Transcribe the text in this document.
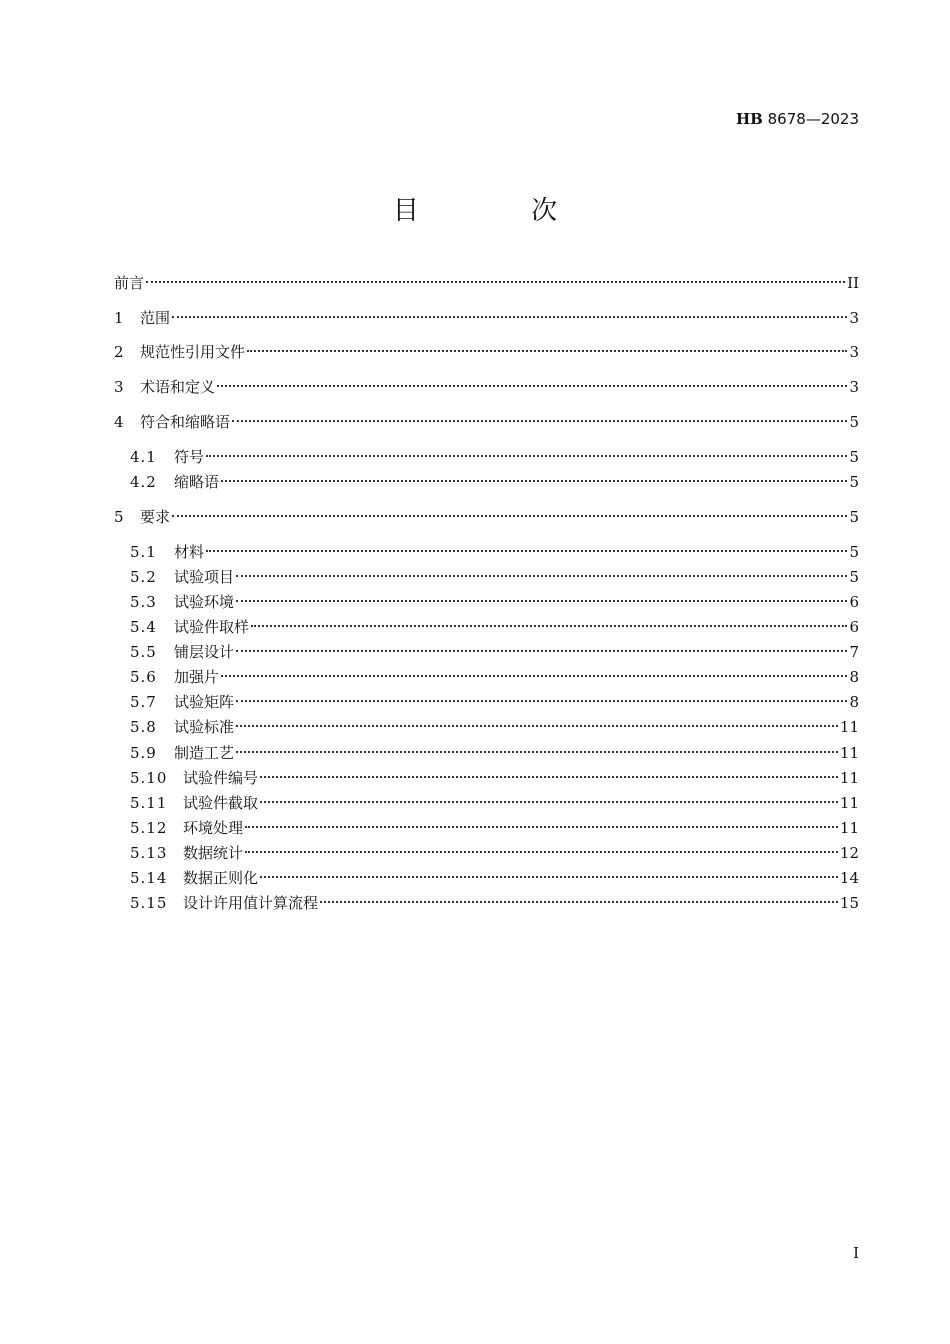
HB 8678—2023
目 次
前言	II
1	范围	3
2	规范性引用文件	3
3	术语和定义	3
4	符合和缩略语	5
4.1	符号	5
4.2	缩略语	5
5	要求	5
5.1	材料	5
5.2	试验项目	5
5.3	试验环境	6
5.4	试验件取样	6
5.5	铺层设计	7
5.6	加强片	8
5.7	试验矩阵	8
5.8	试验标准	11
5.9	制造工艺	11
5.10	试验件编号	11
5.11	试验件截取	11
5.12	环境处理	11
5.13	数据统计	12
5.14	数据正则化	14
5.15	设计许用值计算流程	15
I
